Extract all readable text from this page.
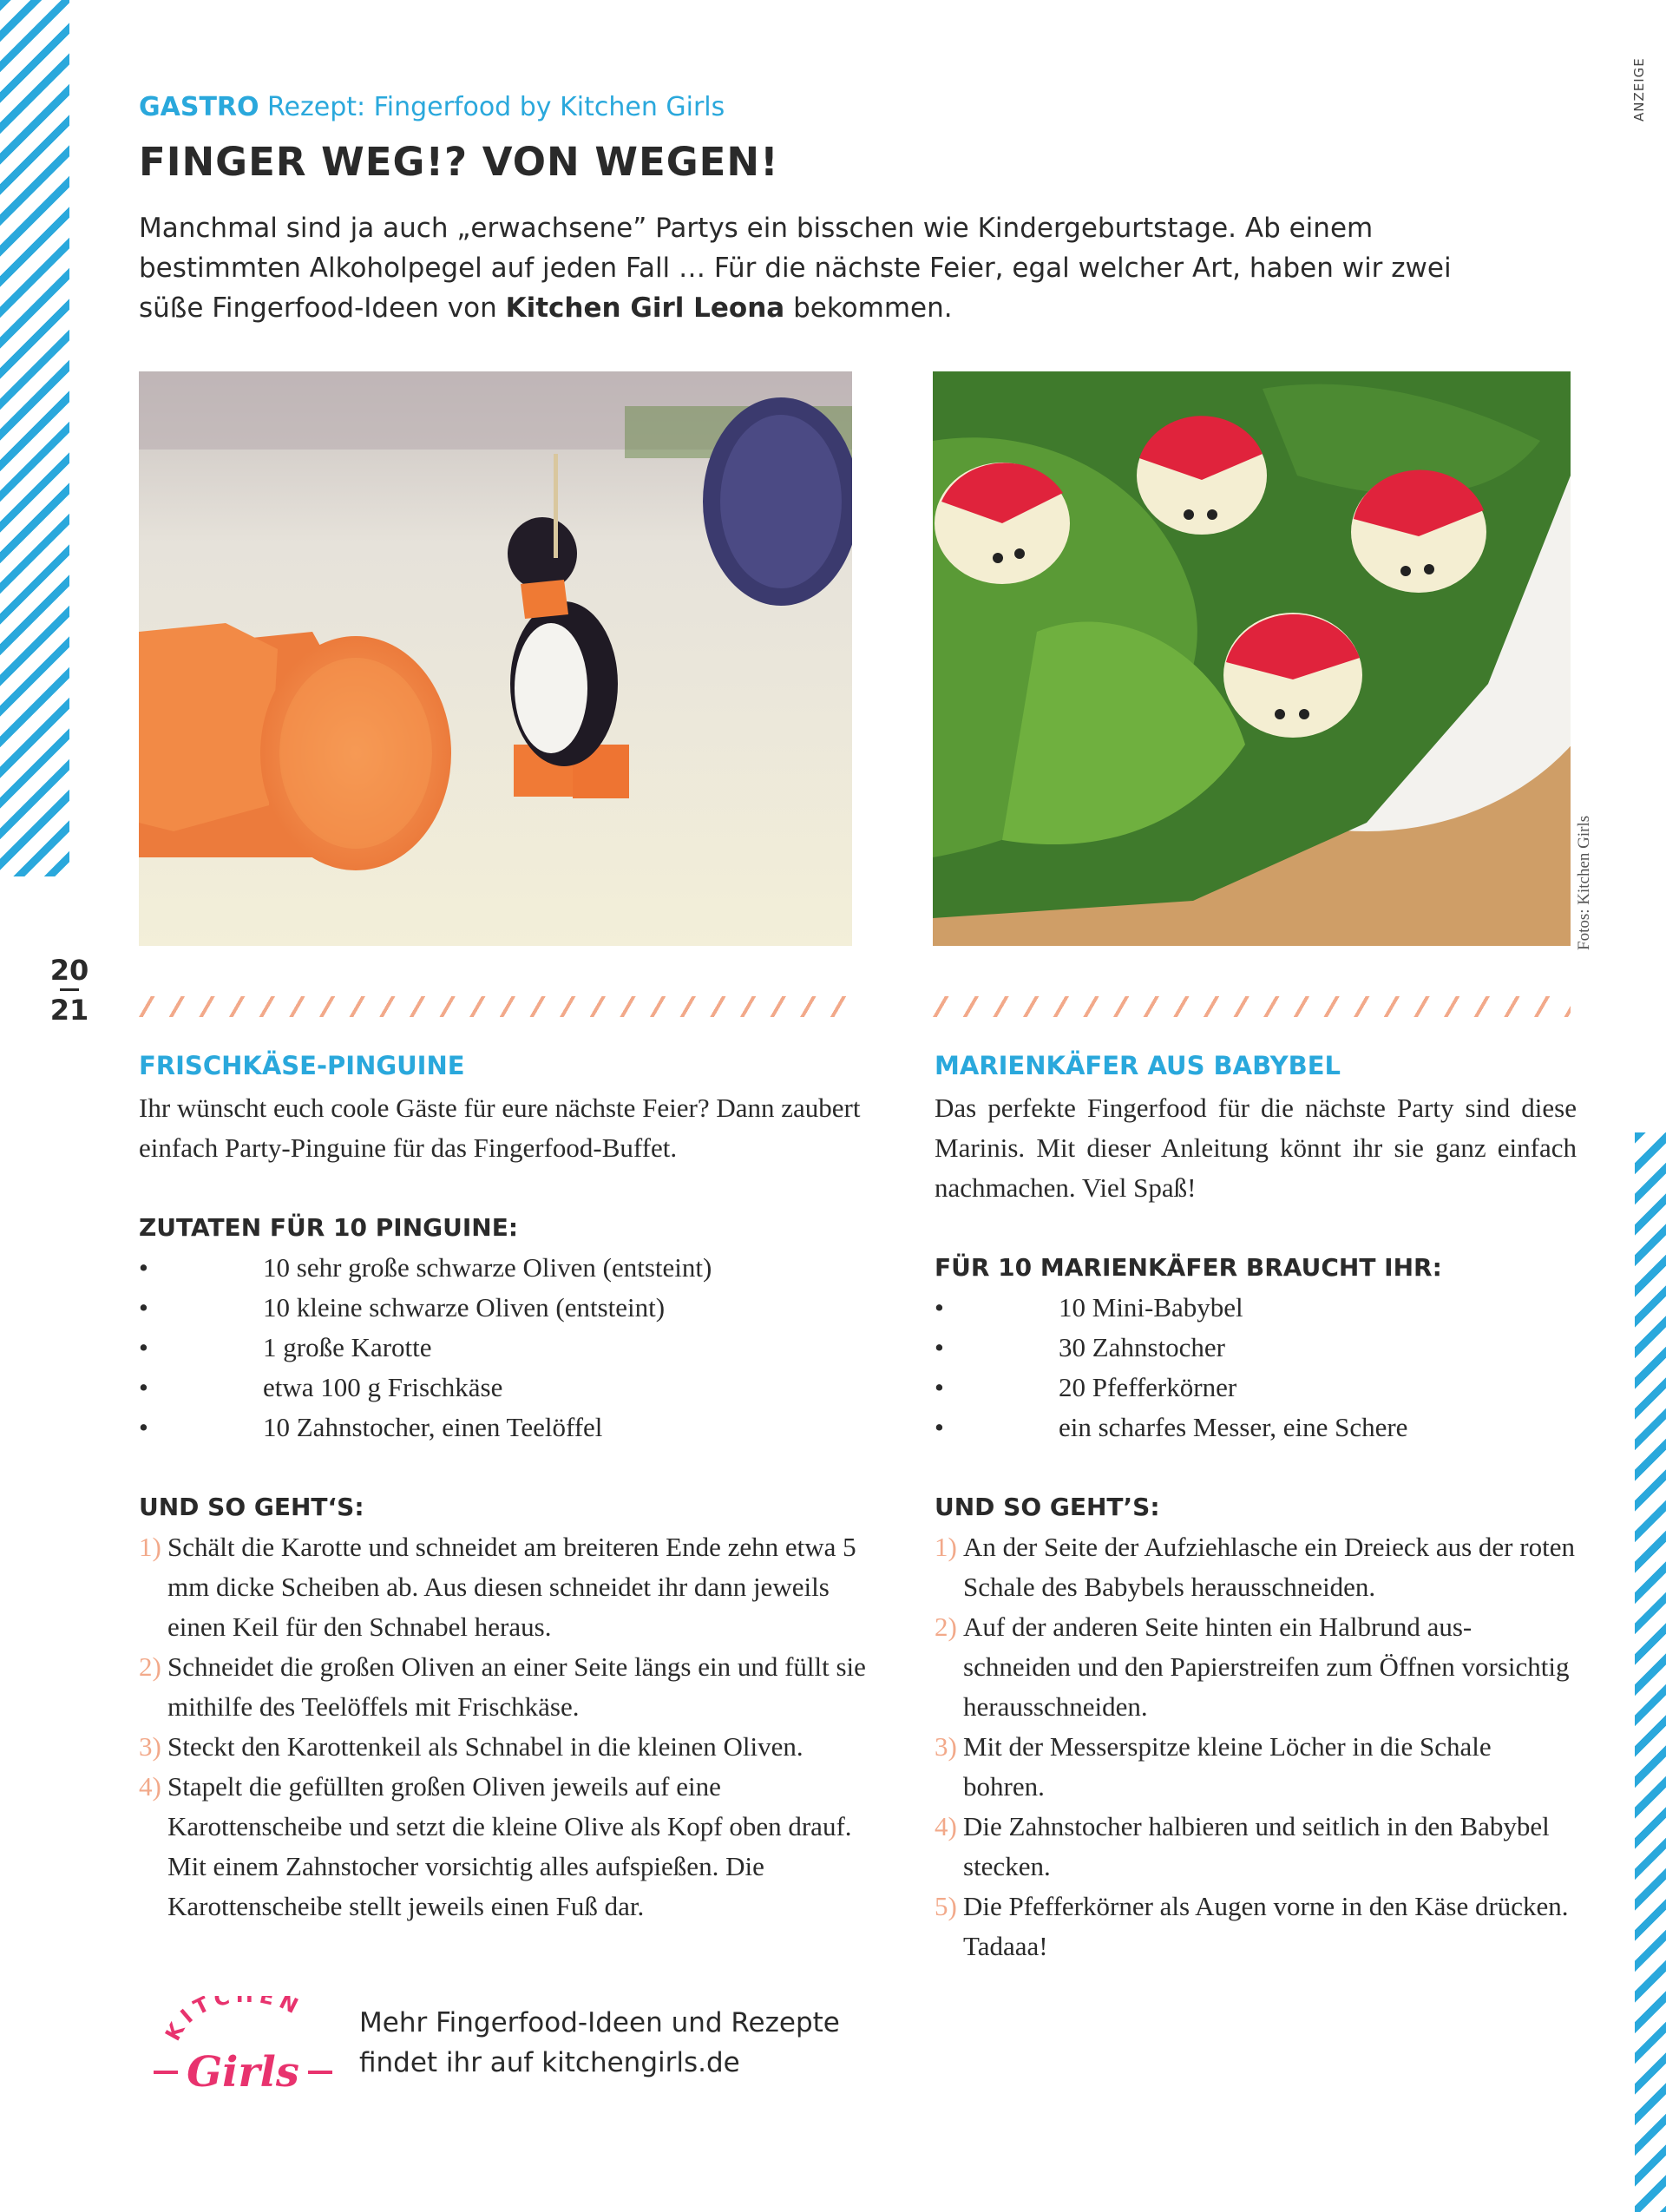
ANZEIGE
Fotos: Kitchen Girls
20
21
GASTRO Rezept: Fingerfood by Kitchen Girls
FINGER WEG!? VON WEGEN!

Manchmal sind ja auch „erwachsene” Partys ein bisschen wie Kindergeburtstage. Ab einem bestimmten Alkoholpegel auf jeden Fall … Für die nächste Feier, egal welcher Art, haben wir zwei süße Fingerfood-Ideen von Kitchen Girl Leona bekommen.

FRISCHKÄSE-PINGUINE

Ihr wünscht euch coole Gäste für eure nächste Feier? Dann zaubert einfach Party-Pinguine für das Fingerfood-Buffet.

ZUTATEN FÜR 10 PINGUINE:
•	10 sehr große schwarze Oliven (entsteint)
•	10 kleine schwarze Oliven (entsteint)
•	1 große Karotte
•	etwa 100 g Frischkäse
•	10 Zahnstocher, einen Teelöffel
UND SO GEHT‘S:
1) Schält die Karotte und schneidet am breiteren Ende zehn etwa 5 mm dicke Scheiben ab. Aus diesen schneidet ihr dann jeweils einen Keil für den Schnabel heraus.
2) Schneidet die großen Oliven an einer Seite längs ein und füllt sie mithilfe des Teelöffels mit Frischkäse.
3) Steckt den Karottenkeil als Schnabel in die kleinen Oliven.
4) Stapelt die gefüllten großen Oliven jeweils auf eine Karottenscheibe und setzt die kleine Olive als Kopf oben drauf. Mit einem Zahnstocher vorsichtig alles aufspießen. Die Karottenscheibe stellt jeweils einen Fuß dar.
MARIENKÄFER AUS BABYBEL

Das perfekte Fingerfood für die nächste Party sind diese Marinis. Mit dieser Anleitung könnt ihr sie ganz einfach nachmachen. Viel Spaß!

FÜR 10 MARIENKÄFER BRAUCHT IHR:
•	10 Mini-Babybel
•	30 Zahnstocher
•	20 Pfefferkörner
•	ein scharfes Messer, eine Schere
UND SO GEHT’S:
1) An der Seite der Aufziehlasche ein Dreieck aus der roten Schale des Babybels herausschneiden.
2) Auf der anderen Seite hinten ein Halbrund aus-schneiden und den Papierstreifen zum Öffnen vorsichtig herausschneiden.
3) Mit der Messerspitze kleine Löcher in die Schale bohren.
4) Die Zahnstocher halbieren und seitlich in den Babybel stecken.
5) Die Pfefferkörner als Augen vorne in den Käse drücken. Tadaaa!
KITC EN
Girls

Mehr Fingerfood-Ideen und Rezepte
findet ihr auf kitchengirls.de
